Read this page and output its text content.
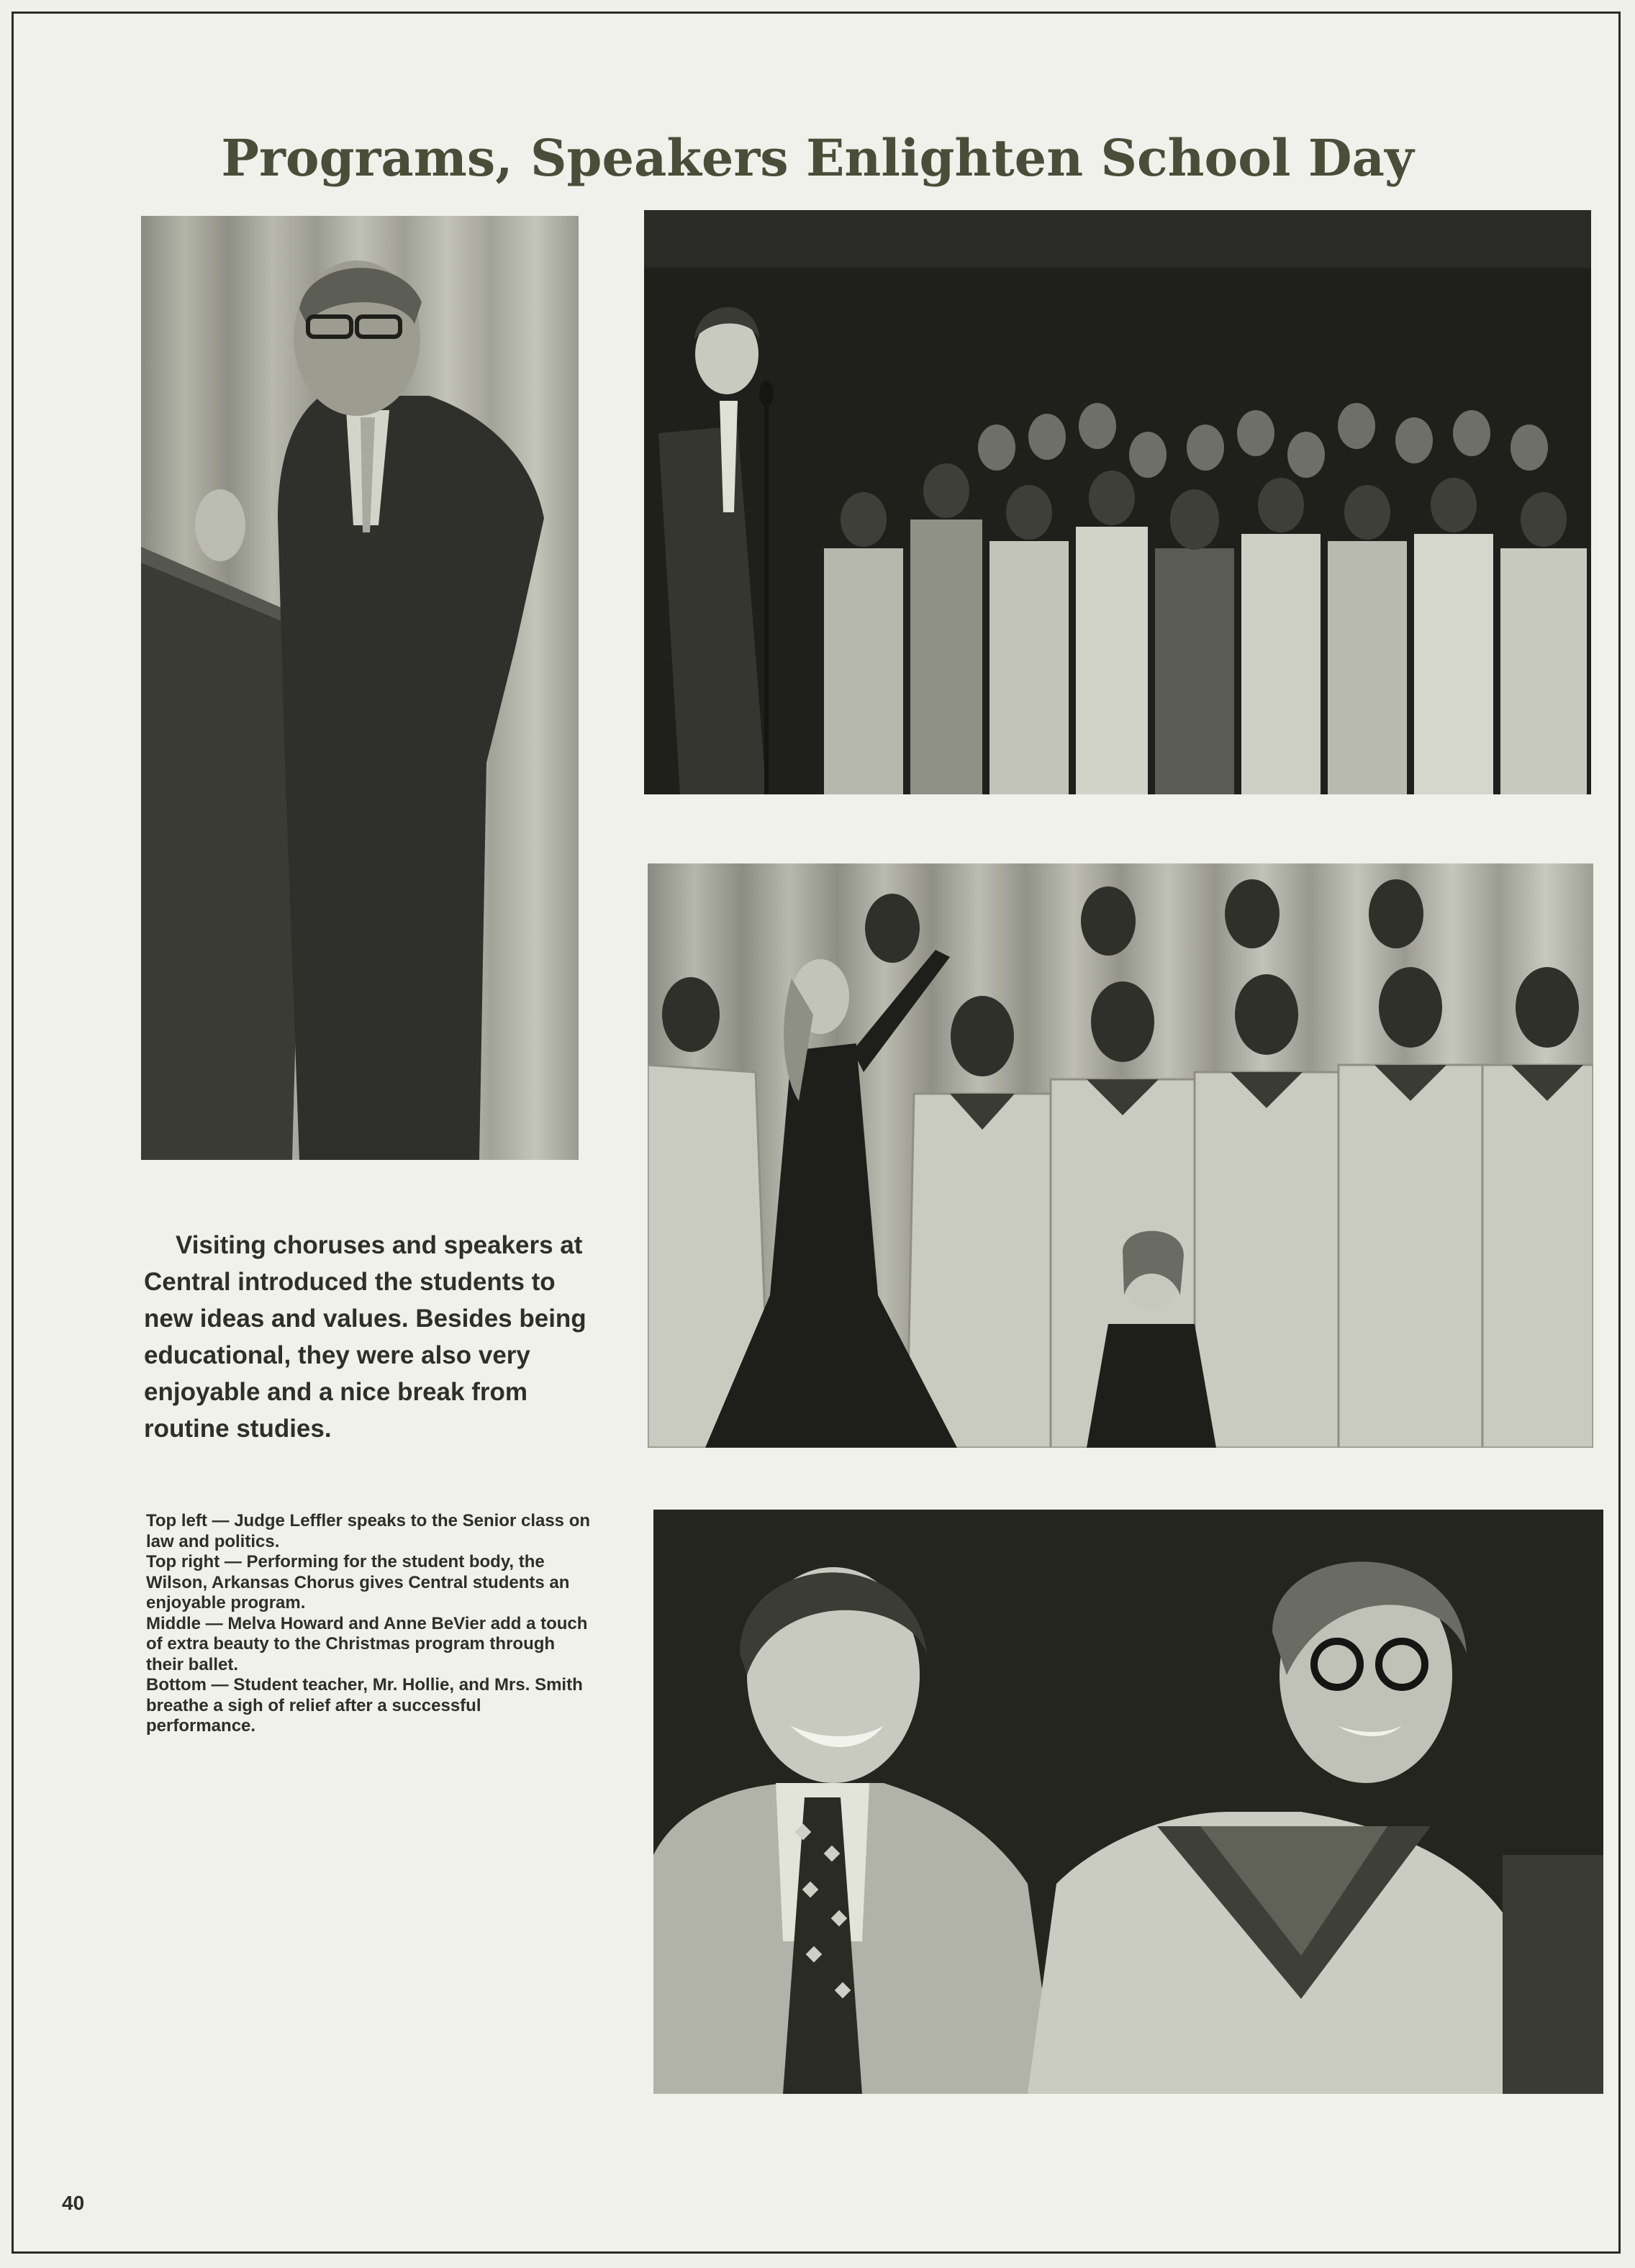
Programs, Speakers Enlighten School Day
Visiting choruses and speakers at Central introduced the students to new ideas and values. Besides being educational, they were also very enjoyable and a nice break from routine studies.

Top left — Judge Leffler speaks to the Senior class on law and politics.

Top right — Performing for the student body, the Wilson, Arkansas Chorus gives Central students an enjoyable program.

Middle — Melva Howard and Anne BeVier add a touch of extra beauty to the Christmas program through their ballet.

Bottom — Student teacher, Mr. Hollie, and Mrs. Smith breathe a sigh of relief after a successful performance.

40
